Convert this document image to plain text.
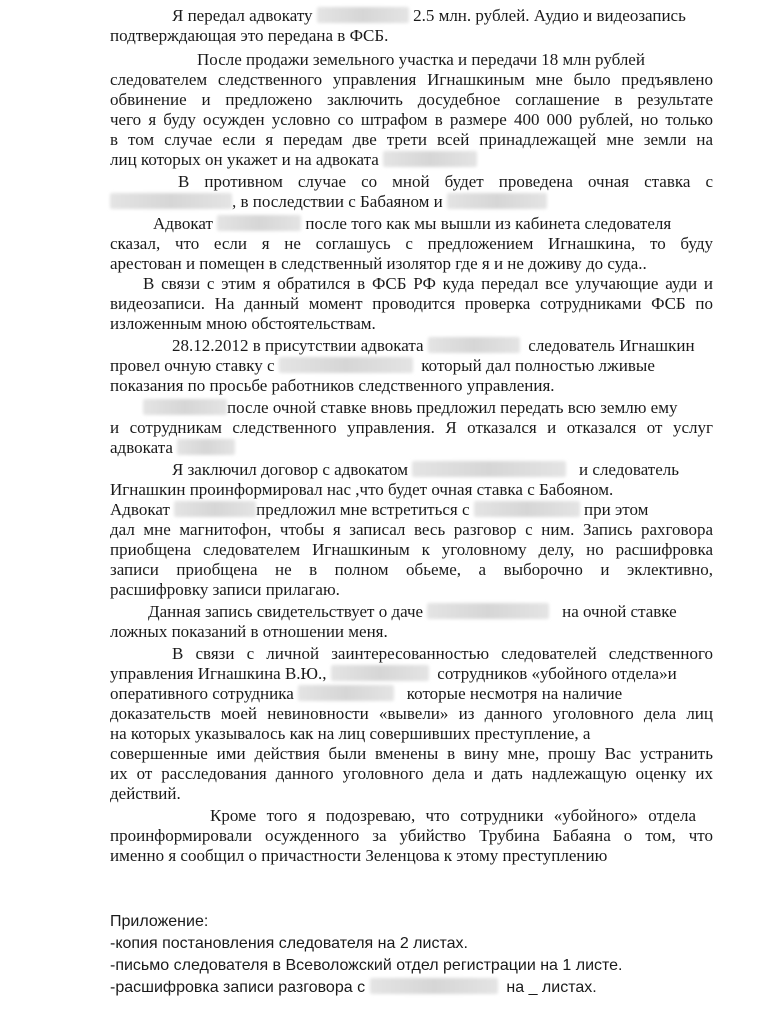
Я передал адвокату	2.5 млн. рублей. Аудио и видеозапись
подтверждающая это передана в ФСБ.
После продажи земельного участка и передачи 18 млн рублей
следователем следственного управления Игнашкиным мне было предъявлено
обвинение и предложено заключить досудебное соглашение в результате
чего я буду осужден условно со штрафом в размере 400 000 рублей, но только
в том случае если я передам две трети всей принадлежащей мне земли на
лиц которых он укажет и на адвоката
В противном случае со мной будет проведена очная ставка с
, в последствии с Бабаяном и
Адвокат	после того как мы вышли из кабинета следователя
сказал, что если я не соглашусь с предложением Игнашкина, то буду
арестован и помещен в следственный изолятор где я и не доживу до суда..
В связи с этим я обратился в ФСБ РФ куда передал все улучающие ауди и
видеозаписи. На данный момент проводится проверка сотрудниками ФСБ по
изложенным мною обстоятельствам.
28.12.2012 в присутствии адвоката	следователь Игнашкин
провел очную ставку с	который дал полностью лживые
показания по просьбе работников следственного управления.
после очной ставке вновь предложил передать всю землю ему
и сотрудникам следственного управления. Я отказался и отказался от услуг
адвоката
Я заключил договор с адвокатом	и следователь
Игнашкин проинформировал нас ,что будет очная ставка с Бабояном.
Адвокат	предложил мне встретиться с	при этом
дал мне магнитофон, чтобы я записал весь разговор с ним. Запись рахговора
приобщена следователем Игнашкиным к уголовному делу, но расшифровка
записи приобщена не в полном обьеме, а выборочно и эклективно,
расшифровку записи прилагаю.
Данная запись свидетельствует о даче	на очной ставке
ложных показаний в отношении меня.
В связи с личной заинтересованностью следователей следственного
управления Игнашкина В.Ю.,	сотрудников «убойного отдела»и
оперативного сотрудника	которые несмотря на наличие
доказательств моей невиновности «вывели» из данного уголовного дела лиц
на которых указывалось как на лиц совершивших преступление, а
совершенные ими действия были вменены в вину мне, прошу Вас устранить
их от расследования данного уголовного дела и дать надлежащую оценку их
действий.
Кроме того я подозреваю, что сотрудники «убойного» отдела
проинформировали осужденного за убийство Трубина Бабаяна о том, что
именно я сообщил о причастности Зеленцова к этому преступлению
Приложение:
-копия постановления следователя на 2 листах.
-письмо следователя в Всеволожский отдел регистрации на 1 листе.
-расшифровка записи разговора с	на _ листах.
